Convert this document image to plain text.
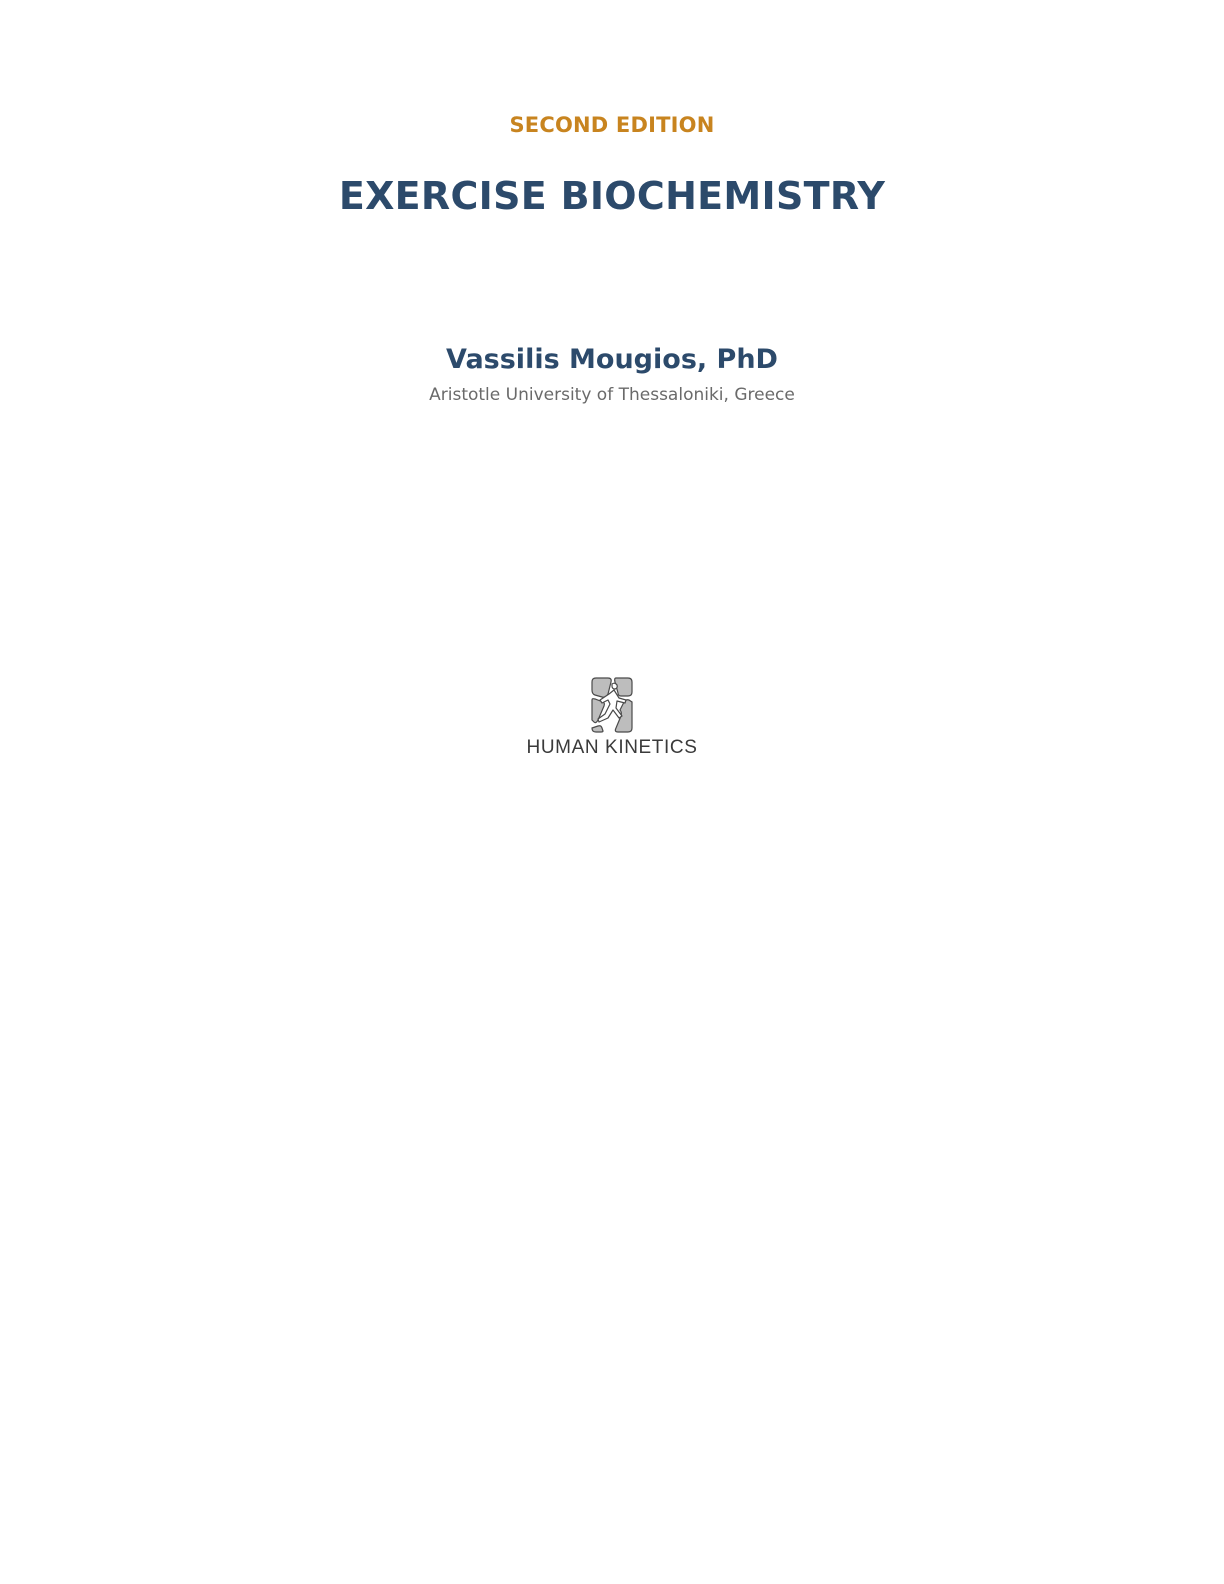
SECOND EDITION
EXERCISE BIOCHEMISTRY
Vassilis Mougios, PhD
Aristotle University of Thessaloniki, Greece
HUMAN KINETICS
